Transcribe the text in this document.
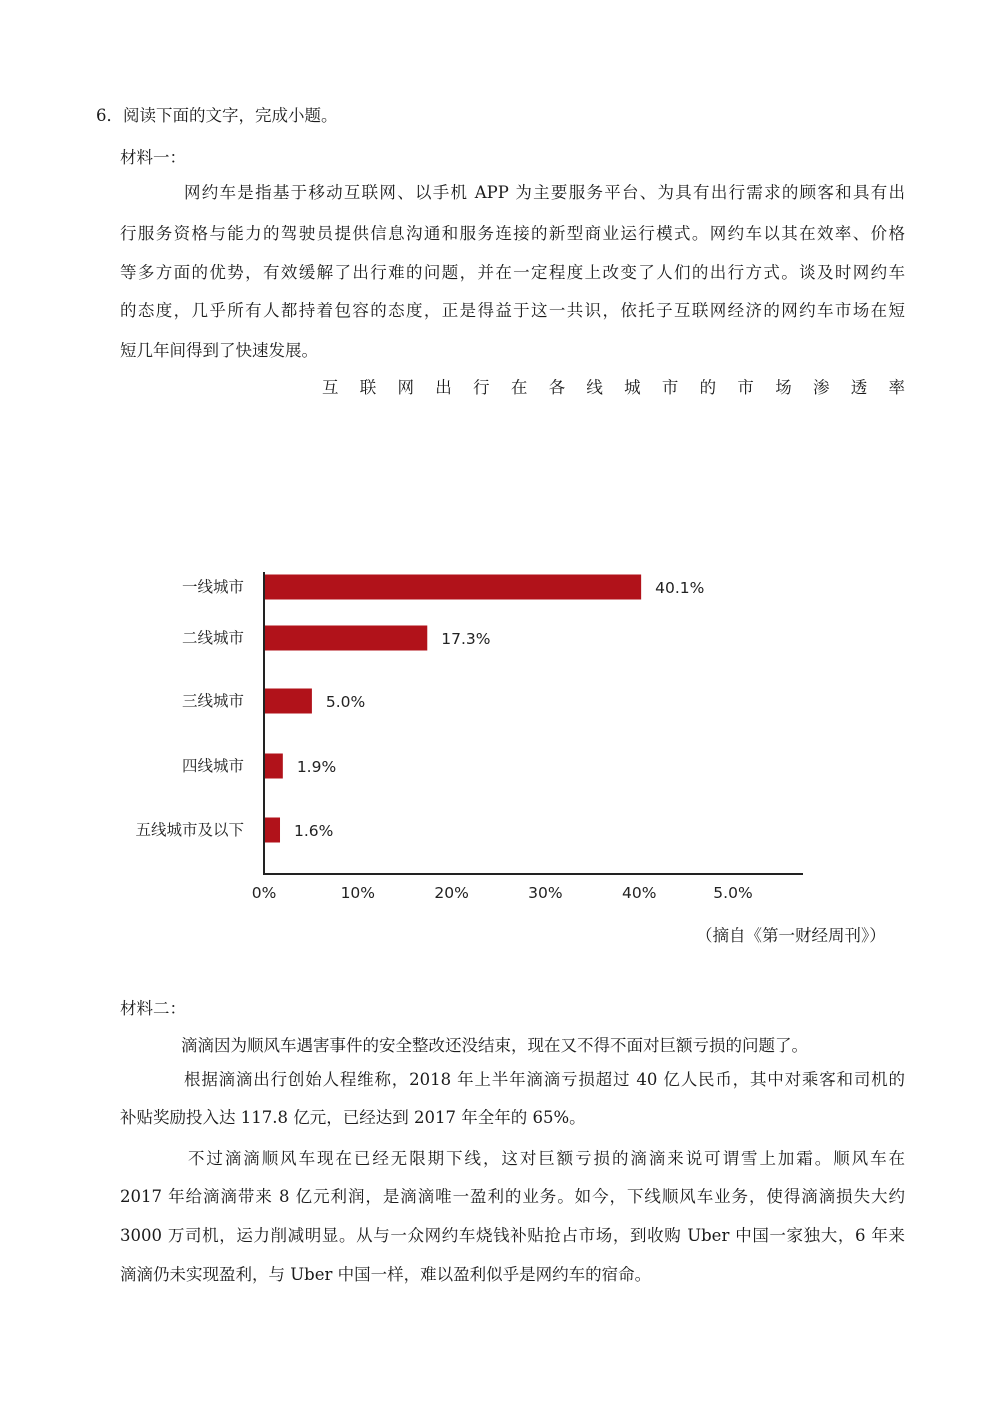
6．阅读下面的文字，完成小题。
材料一：
网约车是指基于移动互联网、以手机 APP 为主要服务平台、为具有出行需求的顾客和具有出
行服务资格与能力的驾驶员提供信息沟通和服务连接的新型商业运行模式。网约车以其在效率、价格
等多方面的优势，有效缓解了出行难的问题，并在一定程度上改变了人们的出行方式。谈及时网约车
的态度，几乎所有人都持着包容的态度，正是得益于这一共识，依托子互联网经济的网约车市场在短
短几年间得到了快速发展。
互联网出行在各线城市的市场渗透率
一线城市	40.1%
二线城市	17.3%
三线城市	5.0%
四线城市	1.9%
五线城市及以下	1.6%
0%	10%	20%	30%	40%	5.0%
（摘自《第一财经周刊》）
材料二：
滴滴因为顺风车遇害事件的安全整改还没结束，现在又不得不面对巨额亏损的问题了。
根据滴滴出行创始人程维称，2018 年上半年滴滴亏损超过 40 亿人民币，其中对乘客和司机的
补贴奖励投入达 117.8 亿元，已经达到 2017 年全年的 65%。
不过滴滴顺风车现在已经无限期下线，这对巨额亏损的滴滴来说可谓雪上加霜。顺风车在
2017 年给滴滴带来 8 亿元利润，是滴滴唯一盈利的业务。如今，下线顺风车业务，使得滴滴损失大约
3000 万司机，运力削减明显。从与一众网约车烧钱补贴抢占市场，到收购 Uber 中国一家独大，6 年来
滴滴仍未实现盈利，与 Uber 中国一样，难以盈利似乎是网约车的宿命。
